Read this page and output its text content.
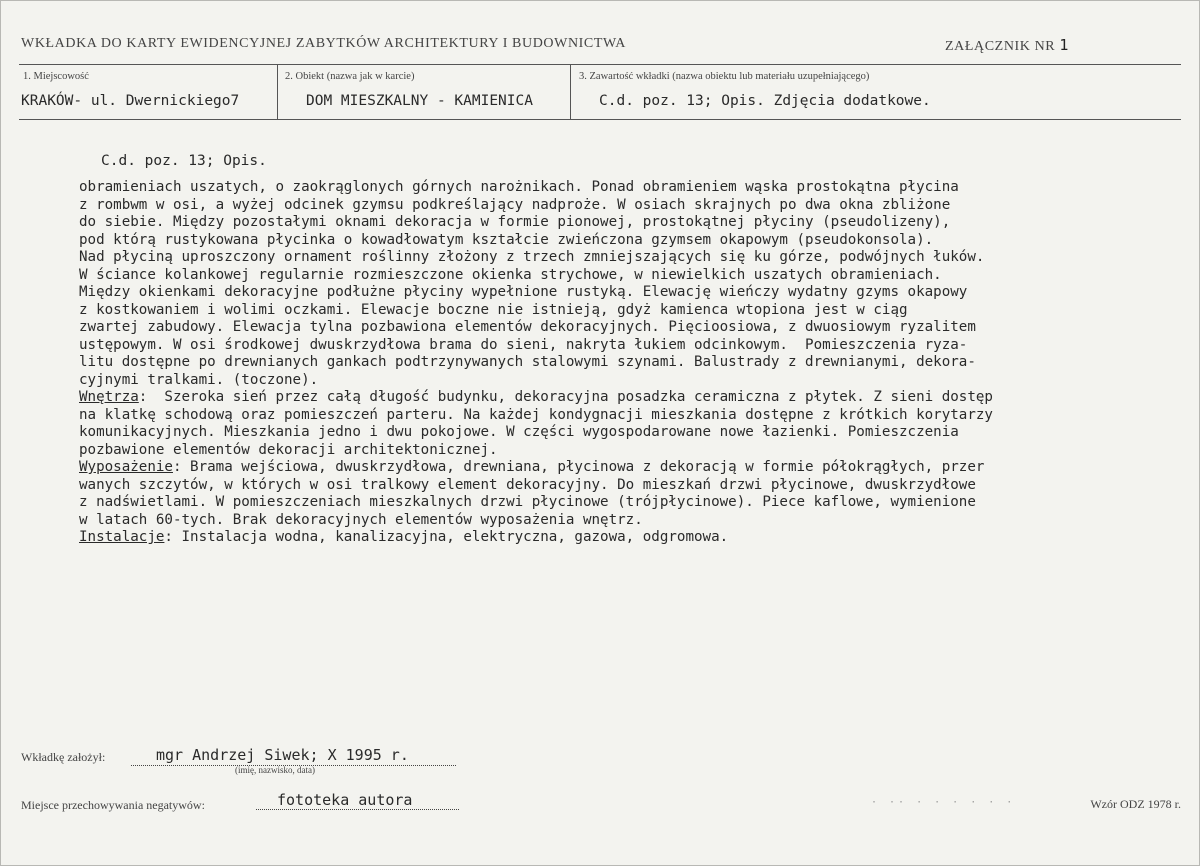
WKŁADKA DO KARTY EWIDENCYJNEJ ZABYTKÓW ARCHITEKTURY I BUDOWNICTWA	ZAŁĄCZNIK NR 1
1. Miejscowość
KRAKÓW- ul. Dwernickiego7
2. Obiekt (nazwa jak w karcie)
DOM MIESZKALNY - KAMIENICA
3. Zawartość wkładki (nazwa obiektu lub materiału uzupełniającego)
C.d. poz. 13; Opis. Zdjęcia dodatkowe.
C.d. poz. 13; Opis.
obramieniach uszatych, o zaokrąglonych górnych narożnikach. Ponad obramieniem wąska prostokątna płycina
z rombwm w osi, a wyżej odcinek gzymsu podkreślający nadproże. W osiach skrajnych po dwa okna zbliżone
do siebie. Między pozostałymi oknami dekoracja w formie pionowej, prostokątnej płyciny (pseudolizeny),
pod którą rustykowana płycinka o kowadłowatym kształcie zwieńczona gzymsem okapowym (pseudokonsola).
Nad płyciną uproszczony ornament roślinny złożony z trzech zmniejszających się ku górze, podwójnych łuków.
W ściance kolankowej regularnie rozmieszczone okienka strychowe, w niewielkich uszatych obramieniach.
Między okienkami dekoracyjne podłużne płyciny wypełnione rustyką. Elewację wieńczy wydatny gzyms okapowy
z kostkowaniem i wolimi oczkami. Elewacje boczne nie istnieją, gdyż kamienca wtopiona jest w ciąg
zwartej zabudowy. Elewacja tylna pozbawiona elementów dekoracyjnych. Pięcioosiowa, z dwuosiowym ryzalitem
ustępowym. W osi środkowej dwuskrzydłowa brama do sieni, nakryta łukiem odcinkowym.  Pomieszczenia ryza-
litu dostępne po drewnianych gankach podtrzynywanych stalowymi szynami. Balustrady z drewnianymi, dekora-
cyjnymi tralkami. (toczone).
Wnętrza:  Szeroka sień przez całą długość budynku, dekoracyjna posadzka ceramiczna z płytek. Z sieni dostęp
na klatkę schodową oraz pomieszczeń parteru. Na każdej kondygnacji mieszkania dostępne z krótkich korytarzy
komunikacyjnych. Mieszkania jedno i dwu pokojowe. W części wygospodarowane nowe łazienki. Pomieszczenia
pozbawione elementów dekoracji architektonicznej.
Wyposażenie: Brama wejściowa, dwuskrzydłowa, drewniana, płycinowa z dekoracją w formie półokrągłych, przer
wanych szczytów, w których w osi tralkowy element dekoracyjny. Do mieszkań drzwi płycinowe, dwuskrzydłowe
z nadświetlami. W pomieszczeniach mieszkalnych drzwi płycinowe (trójpłycinowe). Piece kaflowe, wymienione
w latach 60-tych. Brak dekoracyjnych elementów wyposażenia wnętrz.
Instalacje: Instalacja wodna, kanalizacyjna, elektryczna, gazowa, odgromowa.
Wkładkę założył:	mgr Andrzej Siwek; X 1995 r.
(imię, nazwisko, data)
Miejsce przechowywania negatywów:	fototeka autora	· ·· · · · · · ·	Wzór ODZ 1978 r.
